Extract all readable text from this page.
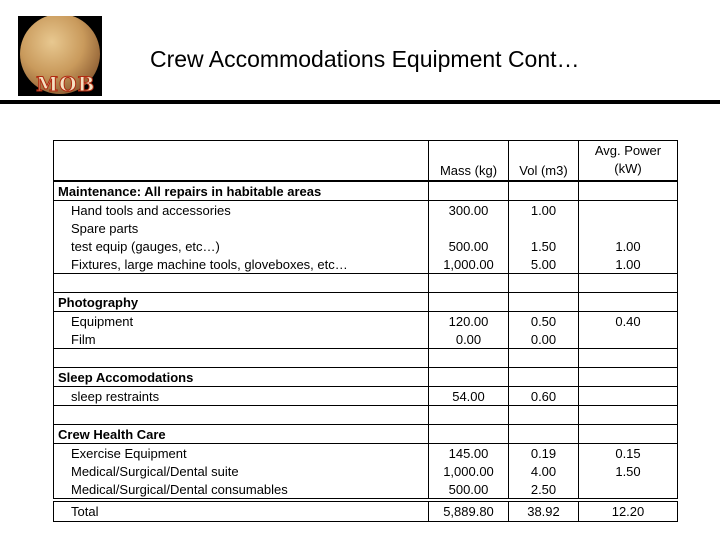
MOB
Crew Accommodations Equipment Cont…
	Mass (kg)	Vol (m3)	Avg. Power (kW)
Maintenance: All repairs in habitable areas			
Hand tools and accessories	300.00	1.00	
Spare parts			
test equip (gauges, etc…)	500.00	1.50	1.00
Fixtures, large machine tools, gloveboxes, etc…	1,000.00	5.00	1.00

Photography			
Equipment	120.00	0.50	0.40
Film	0.00	0.00	

Sleep Accomodations			
sleep restraints	54.00	0.60	

Crew Health Care			
Exercise Equipment	145.00	0.19	0.15
Medical/Surgical/Dental suite	1,000.00	4.00	1.50
Medical/Surgical/Dental consumables	500.00	2.50	
Total	5,889.80	38.92	12.20
